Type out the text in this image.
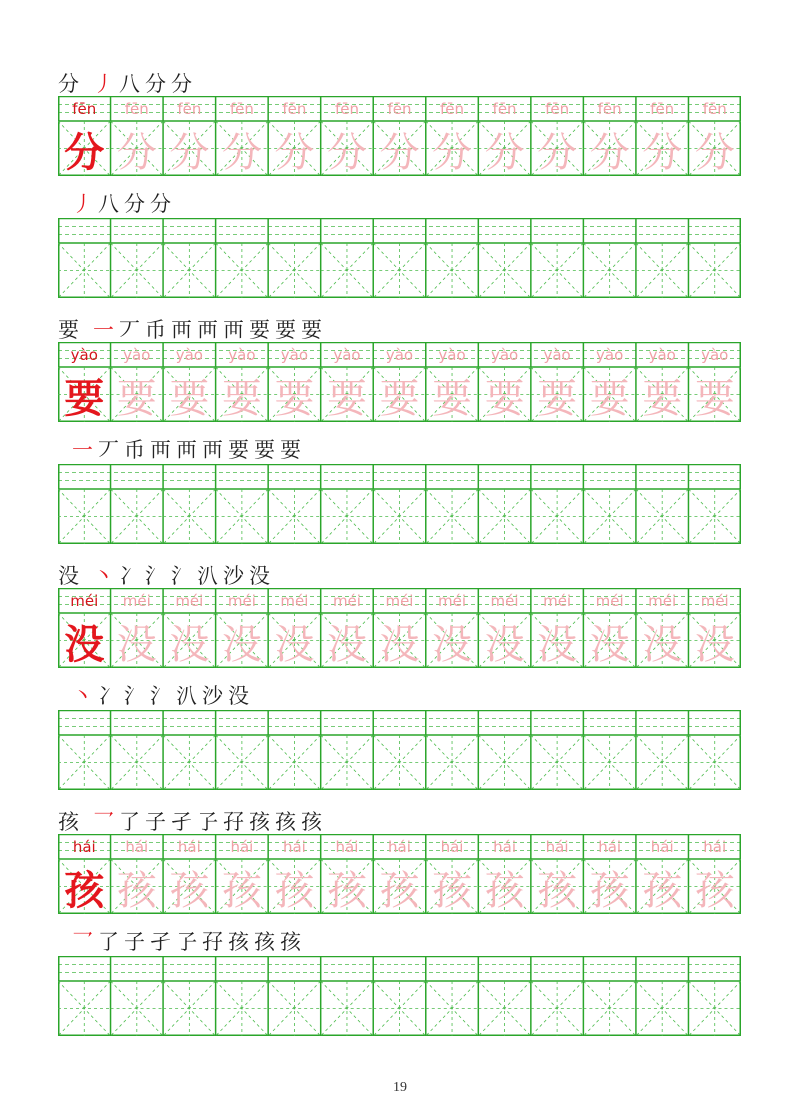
分 丿 八 分 分
fēn
分
fēn
分
fēn
分
fēn
分
fēn
分
fēn
分
fēn
分
fēn
分
fēn
分
fēn
分
fēn
分
fēn
分
fēn
分
丿 八 分 分
要 一 丆 币 襾 襾 襾 要 要 要
yào
要
yào
要
yào
要
yào
要
yào
要
yào
要
yào
要
yào
要
yào
要
yào
要
yào
要
yào
要
yào
要
一 丆 币 襾 襾 襾 要 要 要
没 丶 冫 氵 氵 汃 沙 没
méi
没
méi
没
méi
没
méi
没
méi
没
méi
没
méi
没
méi
没
méi
没
méi
没
méi
没
méi
没
méi
没
丶 冫 氵 氵 汃 沙 没
孩 乛 了 子 孑 孒 孖 孩 孩 孩
hái
孩
hái
孩
hái
孩
hái
孩
hái
孩
hái
孩
hái
孩
hái
孩
hái
孩
hái
孩
hái
孩
hái
孩
hái
孩
乛 了 子 孑 孒 孖 孩 孩 孩
19
